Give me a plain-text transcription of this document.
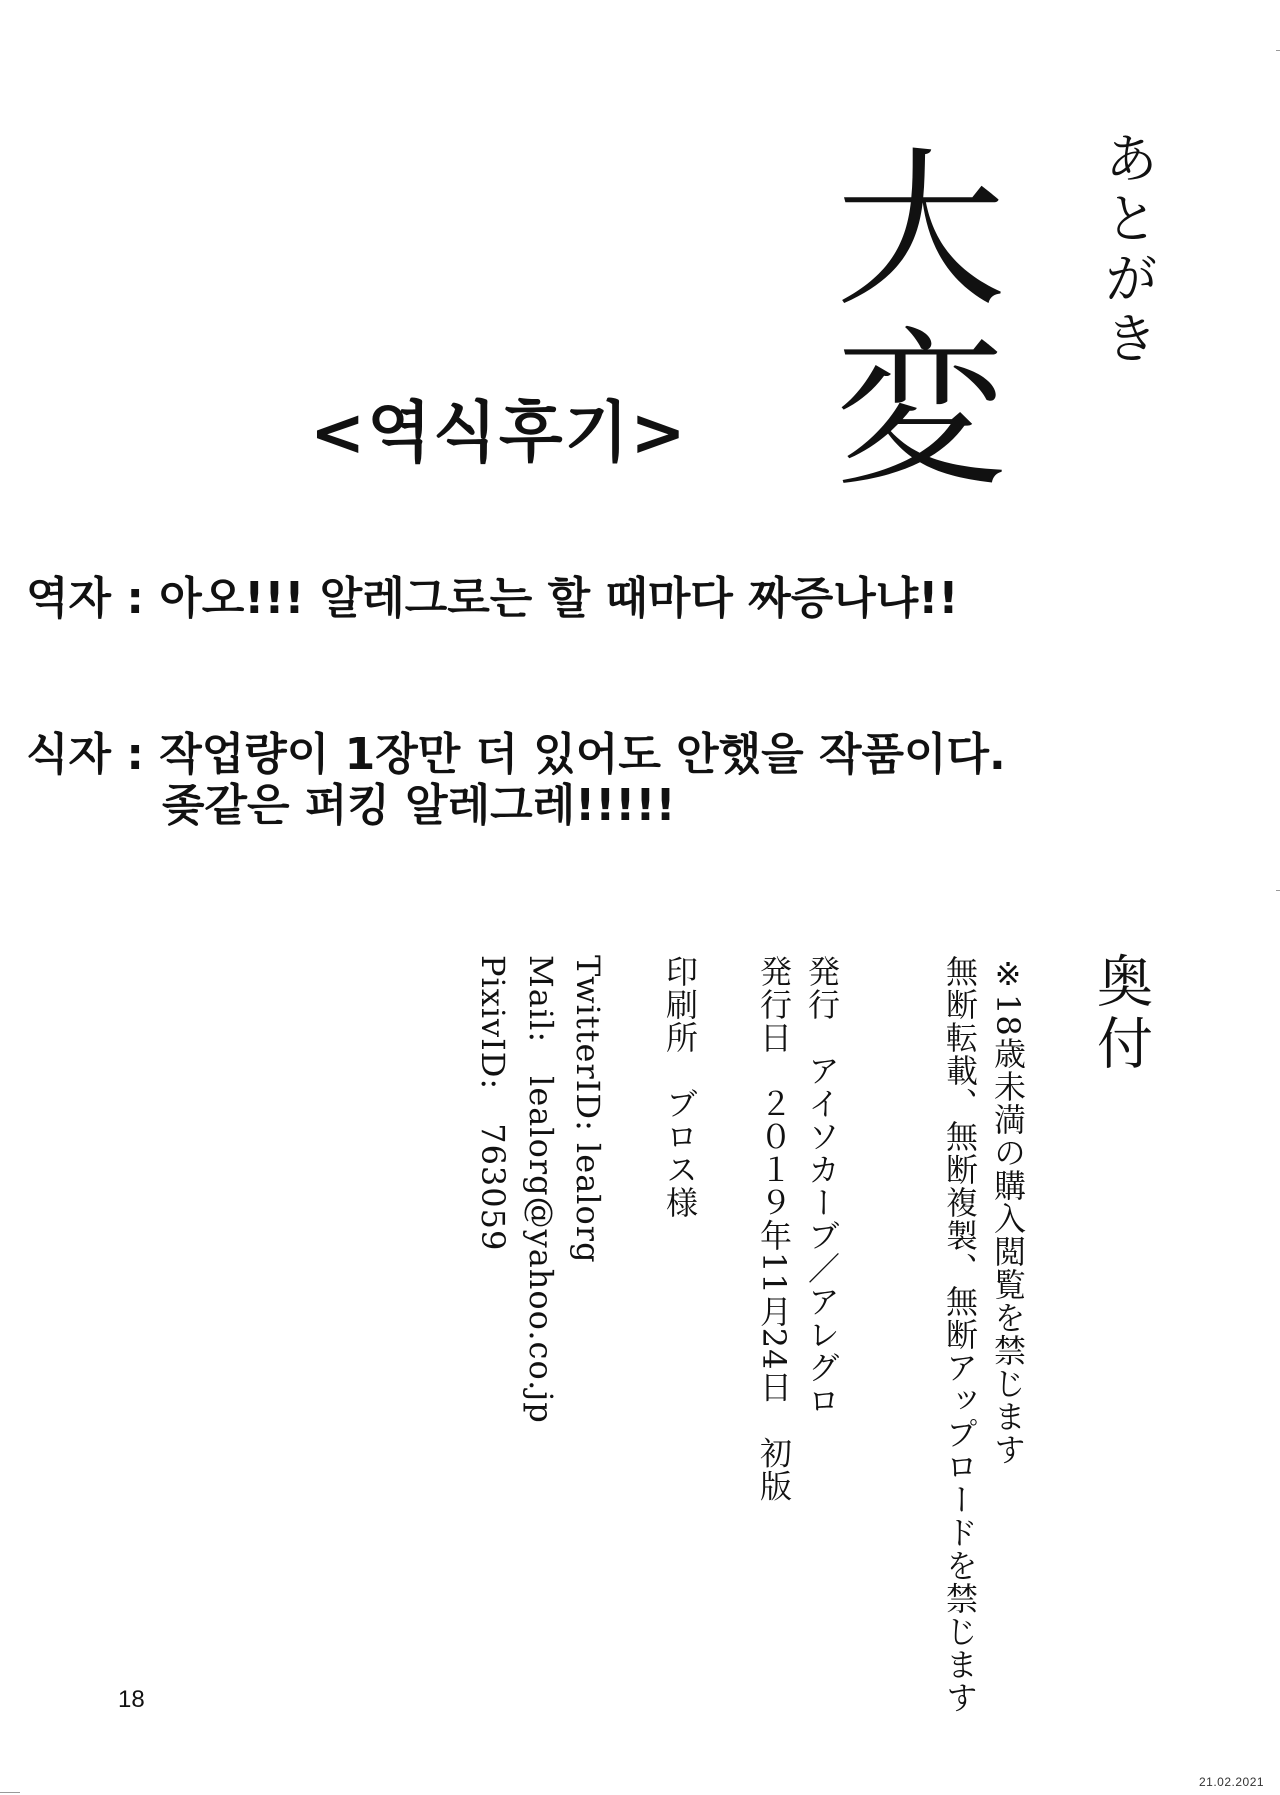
あとがき
大変
<역식후기>
역자 : 아오!!! 알레그로는 할 때마다 짜증나냐!!
식자 : 작업량이 1장만 더 있어도 안했을 작품이다.
좆같은 퍼킹 알레그레!!!!!
奥付
※18歳未満の購入閲覧を禁じます
無断転載、無断複製、無断アップロードを禁じます
発行　アイソカーブ／アレグロ
発行日　２０１９年11月24日　初版
印刷所　ブロス様
TwitterID: lealorg
Mail:　lealorg@yahoo.co.jp
PixivID:　763059
18
21.02.2021
